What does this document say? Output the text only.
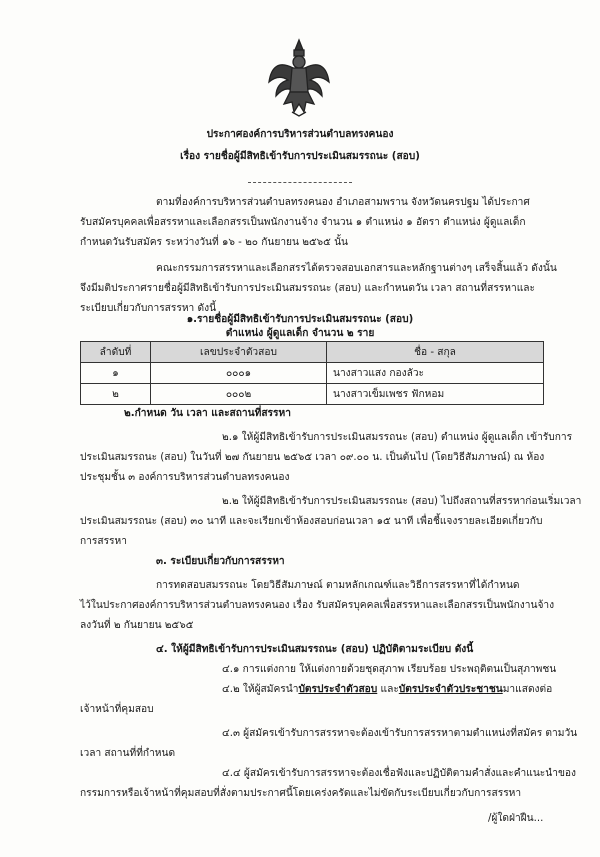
ประกาศองค์การบริหารส่วนตำบลทรงคนอง
เรื่อง รายชื่อผู้มีสิทธิเข้ารับการประเมินสมรรถนะ (สอบ)
ตามที่องค์การบริหารส่วนตำบลทรงคนอง อำเภอสามพราน จังหวัดนครปฐม ได้ประกาศ
รับสมัครบุคคลเพื่อสรรหาและเลือกสรรเป็นพนักงานจ้าง จำนวน ๑ ตำแหน่ง ๑ อัตรา ตำแหน่ง ผู้ดูแลเด็ก
กำหนดวันรับสมัคร ระหว่างวันที่ ๑๖ - ๒๐ กันยายน ๒๕๖๕ นั้น
คณะกรรมการสรรหาและเลือกสรรได้ตรวจสอบเอกสารและหลักฐานต่างๆ เสร็จสิ้นแล้ว ดังนั้น
จึงมีมติประกาศรายชื่อผู้มีสิทธิเข้ารับการประเมินสมรรถนะ (สอบ) และกำหนดวัน เวลา สถานที่สรรหาและ
ระเบียบเกี่ยวกับการสรรหา ดังนี้
๑.รายชื่อผู้มีสิทธิเข้ารับการประเมินสมรรถนะ (สอบ)
ตำแหน่ง ผู้ดูแลเด็ก จำนวน ๒ ราย
ลำดับที่	เลขประจำตัวสอบ	ชื่อ - สกุล
๑	๐๐๐๑	นางสาวแสง กองลัวะ
๒	๐๐๐๒	นางสาวเข็มเพชร ฟักหอม
๒.กำหนด วัน เวลา และสถานที่สรรหา
๒.๑ ให้ผู้มีสิทธิเข้ารับการประเมินสมรรถนะ (สอบ) ตำแหน่ง ผู้ดูแลเด็ก เข้ารับการ
ประเมินสมรรถนะ (สอบ) ในวันที่ ๒๗ กันยายน ๒๕๖๕ เวลา ๐๙.๐๐ น. เป็นต้นไป (โดยวิธีสัมภาษณ์) ณ ห้อง
ประชุมชั้น ๓ องค์การบริหารส่วนตำบลทรงคนอง
๒.๒ ให้ผู้มีสิทธิเข้ารับการประเมินสมรรถนะ (สอบ) ไปถึงสถานที่สรรหาก่อนเริ่มเวลา
ประเมินสมรรถนะ (สอบ) ๓๐ นาที และจะเรียกเข้าห้องสอบก่อนเวลา ๑๕ นาที เพื่อชี้แจงรายละเอียดเกี่ยวกับ
การสรรหา
๓. ระเบียบเกี่ยวกับการสรรหา
การทดสอบสมรรถนะ โดยวิธีสัมภาษณ์ ตามหลักเกณฑ์และวิธีการสรรหาที่ได้กำหนด
ไว้ในประกาศองค์การบริหารส่วนตำบลทรงคนอง เรื่อง รับสมัครบุคคลเพื่อสรรหาและเลือกสรรเป็นพนักงานจ้าง
ลงวันที่ ๒ กันยายน ๒๕๖๕
๔. ให้ผู้มีสิทธิเข้ารับการประเมินสมรรถนะ (สอบ) ปฏิบัติตามระเบียบ ดังนี้
๔.๑ การแต่งกาย ให้แต่งกายด้วยชุดสุภาพ เรียบร้อย ประพฤติตนเป็นสุภาพชน
๔.๒ ให้ผู้สมัครนำบัตรประจำตัวสอบ และบัตรประจำตัวประชาชนมาแสดงต่อ
เจ้าหน้าที่คุมสอบ
๔.๓ ผู้สมัครเข้ารับการสรรหาจะต้องเข้ารับการสรรหาตามตำแหน่งที่สมัคร ตามวัน
เวลา สถานที่ที่กำหนด
๔.๔ ผู้สมัครเข้ารับการสรรหาจะต้องเชื่อฟังและปฏิบัติตามคำสั่งและคำแนะนำของ
กรรมการหรือเจ้าหน้าที่คุมสอบที่สั่งตามประกาศนี้โดยเคร่งครัดและไม่ขัดกับระเบียบเกี่ยวกับการสรรหา
/ผู้ใดฝ่าฝืน...
